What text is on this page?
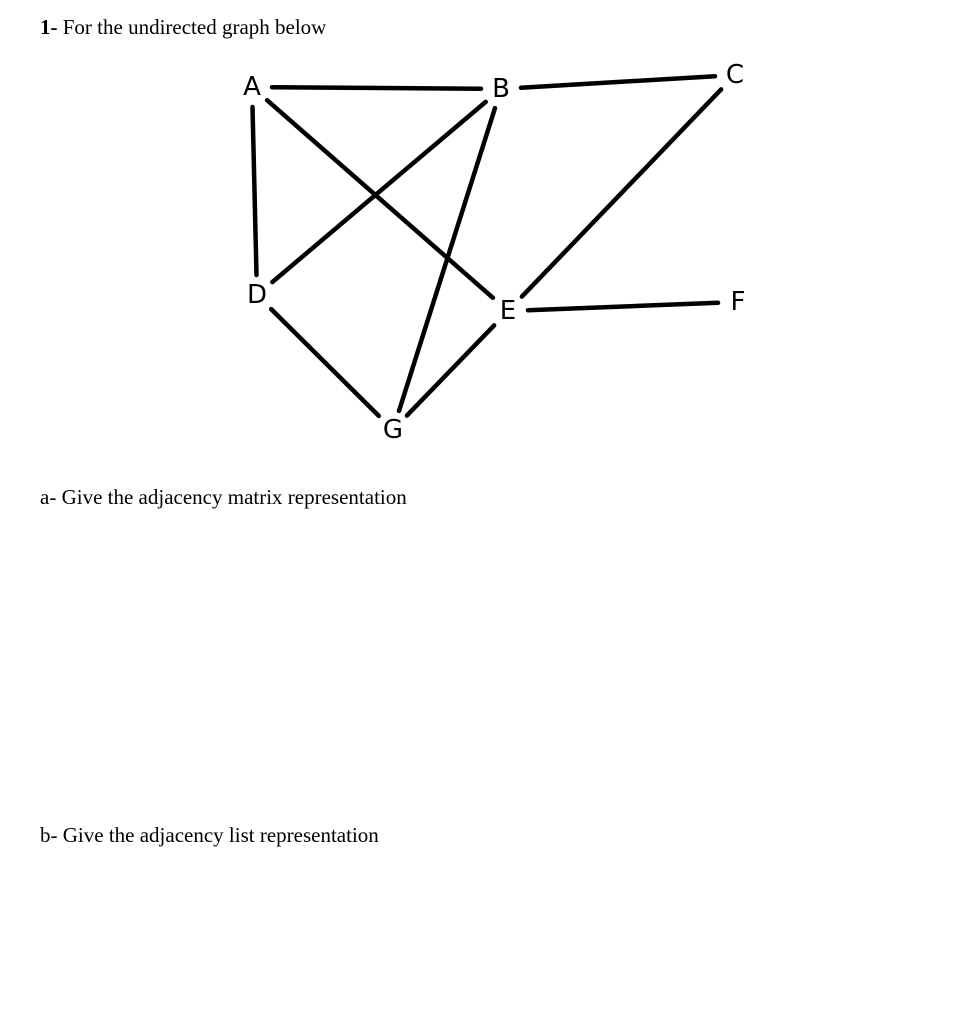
1- For the undirected graph below
A	B	C
D
E	F
G
a- Give the adjacency matrix representation
b- Give the adjacency list representation
